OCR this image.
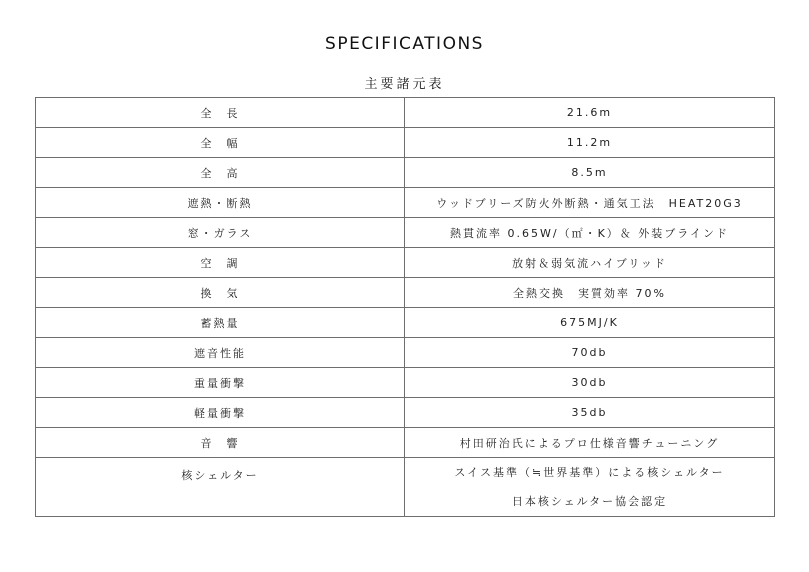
SPECIFICATIONS
主要諸元表
全　長	21.6m
全　幅	11.2m
全　高	8.5m
遮熱・断熱	ウッドブリーズ防火外断熱・通気工法　HEAT20G3
窓・ガラス	熱貫流率 0.65W/（㎡・K）＆ 外装ブラインド
空　調	放射＆弱気流ハイブリッド
換　気	全熱交換　実質効率 70%
蓄熱量	675MJ/K
遮音性能	70db
重量衝撃	30db
軽量衝撃	35db
音　響	村田研治氏によるプロ仕様音響チューニング
核シェルター	スイス基準（≒世界基準）による核シェルター
日本核シェルター協会認定
